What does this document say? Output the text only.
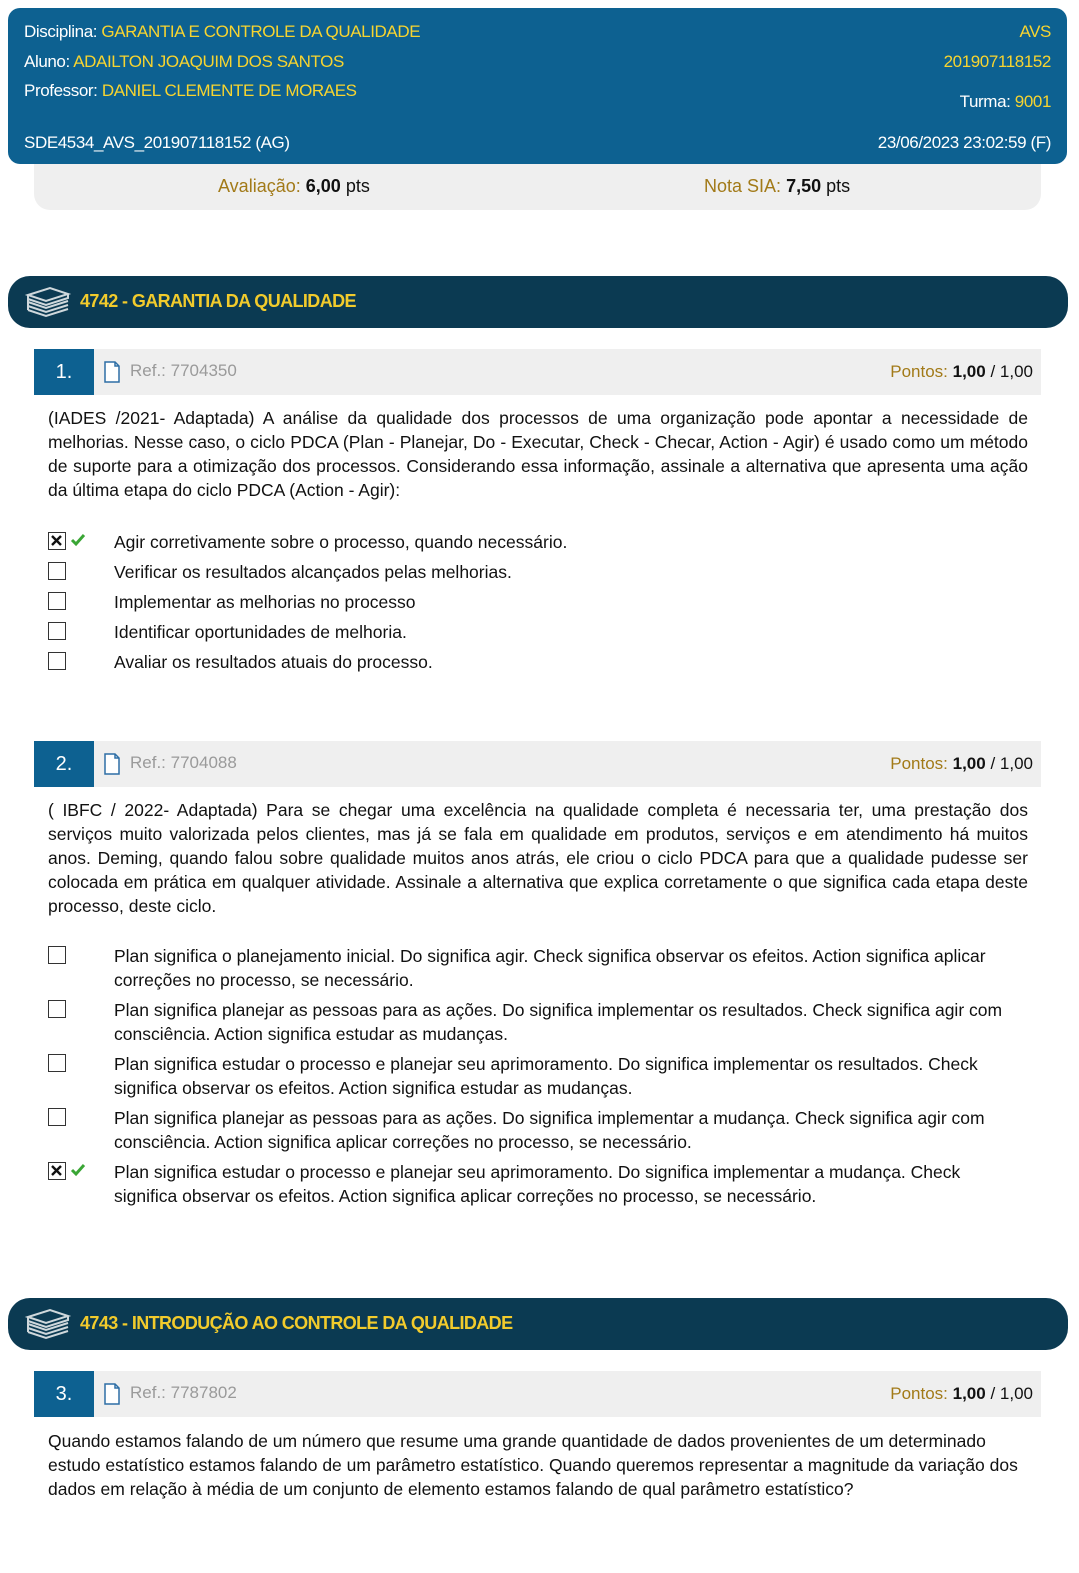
Disciplina: GARANTIA E CONTROLE DA QUALIDADE
Aluno: ADAILTON JOAQUIM DOS SANTOS
Professor: DANIEL CLEMENTE DE MORAES
SDE4534_AVS_201907118152 (AG)
AVS
201907118152
Turma: 9001
23/06/2023 23:02:59 (F)
Avaliação: 6,00 pts	Nota SIA: 7,50 pts
4742 - GARANTIA DA QUALIDADE
1.	Ref.: 7704350	Pontos: 1,00 / 1,00
(IADES /2021- Adaptada) A análise da qualidade dos processos de uma organização pode apontar a necessidade de melhorias. Nesse caso, o ciclo PDCA (Plan - Planejar, Do - Executar, Check - Checar, Action - Agir) é usado como um método de suporte para a otimização dos processos. Considerando essa informação, assinale a alternativa que apresenta uma ação da última etapa do ciclo PDCA (Action - Agir):
Agir corretivamente sobre o processo, quando necessário.
Verificar os resultados alcançados pelas melhorias.
Implementar as melhorias no processo
Identificar oportunidades de melhoria.
Avaliar os resultados atuais do processo.
2.	Ref.: 7704088	Pontos: 1,00 / 1,00
( IBFC / 2022- Adaptada) Para se chegar uma excelência na qualidade completa é necessaria ter, uma prestação dos serviços muito valorizada pelos clientes, mas já se fala em qualidade em produtos, serviços e em atendimento há muitos anos. Deming, quando falou sobre qualidade muitos anos atrás, ele criou o ciclo PDCA para que a qualidade pudesse ser colocada em prática em qualquer atividade. Assinale a alternativa que explica corretamente o que significa cada etapa deste processo, deste ciclo.
Plan significa o planejamento inicial. Do significa agir. Check significa observar os efeitos. Action significa aplicar correções no processo, se necessário.
Plan significa planejar as pessoas para as ações. Do significa implementar os resultados. Check significa agir com consciência. Action significa estudar as mudanças.
Plan significa estudar o processo e planejar seu aprimoramento. Do significa implementar os resultados. Check significa observar os efeitos. Action significa estudar as mudanças.
Plan significa planejar as pessoas para as ações. Do significa implementar a mudança. Check significa agir com consciência. Action significa aplicar correções no processo, se necessário.
Plan significa estudar o processo e planejar seu aprimoramento. Do significa implementar a mudança. Check significa observar os efeitos. Action significa aplicar correções no processo, se necessário.
4743 - INTRODUÇÃO AO CONTROLE DA QUALIDADE
3.	Ref.: 7787802	Pontos: 1,00 / 1,00
Quando estamos falando de um número que resume uma grande quantidade de dados provenientes de um determinado estudo estatístico estamos falando de um parâmetro estatístico. Quando queremos representar a magnitude da variação dos dados em relação à média de um conjunto de elemento estamos falando de qual parâmetro estatístico?
